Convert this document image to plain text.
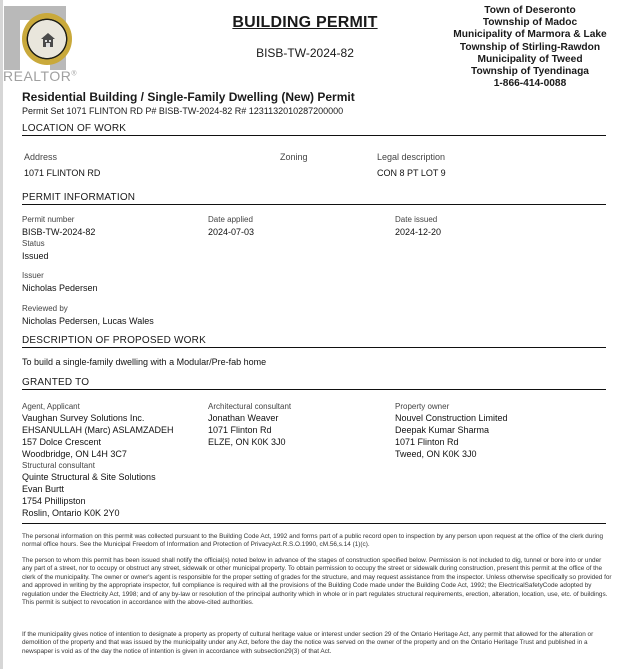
REALTOR®
BUILDING PERMIT
BISB-TW-2024-82
Town of Deseronto
Township of Madoc
Municipality of Marmora & Lake
Township of Stirling-Rawdon
Municipality of Tweed
Township of Tyendinaga
1-866-414-0088
Residential Building / Single-Family Dwelling (New) Permit
Permit Set 1071 FLINTON RD P# BISB-TW-2024-82 R# 1231132010287200000
LOCATION OF WORK
Address
1071 FLINTON RD
Zoning	Legal description
CON 8 PT LOT 9
PERMIT INFORMATION
Permit number
BISB-TW-2024-82
Date applied
2024-07-03
Date issued
2024-12-20
Status
Issued
Issuer
Nicholas Pedersen
Reviewed by
Nicholas Pedersen, Lucas Wales
DESCRIPTION OF PROPOSED WORK
To build a single-family dwelling with a Modular/Pre-fab home
GRANTED TO
Agent, Applicant
Vaughan Survey Solutions Inc.
EHSANULLAH (Marc) ASLAMZADEH
157 Dolce Crescent
Woodbridge, ON L4H 3C7
Structural consultant
Quinte Structural & Site Solutions
Evan Burtt
1754 Phillipston
Roslin, Ontario K0K 2Y0
Architectural consultant
Jonathan Weaver
1071 Flinton Rd
ELZE, ON K0K 3J0
Property owner
Nouvel Construction Limited
Deepak Kumar Sharma
1071 Flinton Rd
Tweed, ON K0K 3J0
The personal information on this permit was collected pursuant to the Building Code Act, 1992 and forms part of a public record open to inspection by any person upon request at the office of the clerk during normal office hours. See the Municipal Freedom of Information and Protection of PrivacyAct.R.S.O.1990, cM.56,s.14 (1)(c).
The person to whom this permit has been issued shall notify the official(s) noted below in advance of the stages of construction specified below. Permission is not included to dig, tunnel or bore into or under any part of a street, nor to occupy or obstruct any street, sidewalk or other municipal property. To obtain permission to occupy the street or sidewalk during construction, present this permit at the office of the clerk of the municipality. The owner or owner's agent is responsible for the proper setting of grades for the structure, and may request assistance from the inspector. Unless otherwise specifically so provided for and approved in writing by the appropriate inspector, full compliance is required with all the provisions of the Building Code made under the Building Code Act, 1992; the ElectricalSafetyCode adopted by regulation under the Electricity Act, 1998; and of any by-law or resolution of the principal authority which in whole or in part regulates structural requirements, erection, alteration, location, use, etc. of buildings. This permit is subject to revocation in accordance with the above-cited authorities.
If the municipality gives notice of intention to designate a property as property of cultural heritage value or interest under section 29 of the Ontario Heritage Act, any permit that allowed for the alteration or demolition of the property and that was issued by the municipality under any Act, before the day the notice was served on the owner of the property and on the Ontario Heritage Trust and published in a newspaper is void as of the day the notice of intention is given in accordance with subsection29(3) of that Act.
